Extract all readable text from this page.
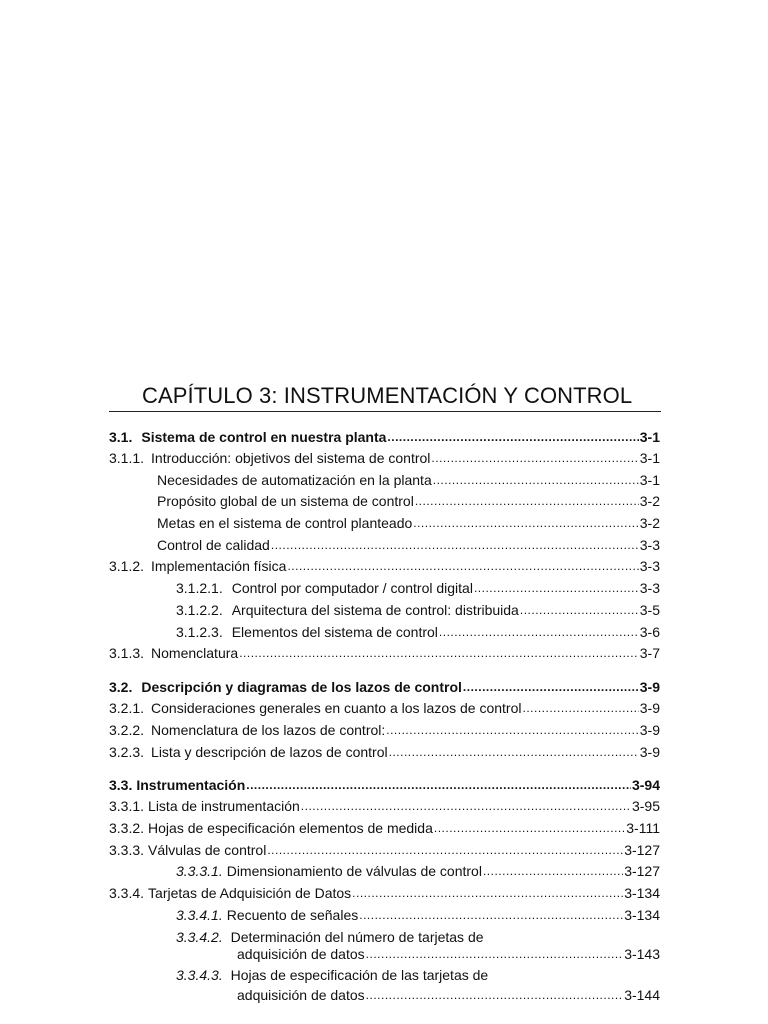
CAPÍTULO 3: INSTRUMENTACIÓN Y CONTROL
3.1. Sistema de control en nuestra planta .....	3-1
3.1.1. Introducción: objetivos del sistema de control .....	3-1
Necesidades de automatización en la planta .....	3-1
Propósito global de un sistema de control .....	3-2
Metas en el sistema de control planteado .....	3-2
Control de calidad .....	3-3
3.1.2. Implementación física .....	3-3
3.1.2.1. Control por computador / control digital .....	3-3
3.1.2.2. Arquitectura del sistema de control: distribuida .....	3-5
3.1.2.3. Elementos del sistema de control .....	3-6
3.1.3. Nomenclatura .....	3-7
3.2. Descripción y diagramas de los lazos de control .....	3-9
3.2.1. Consideraciones generales en cuanto a los lazos de control .....	3-9
3.2.2. Nomenclatura de los lazos de control: .....	3-9
3.2.3. Lista y descripción de lazos de control .....	3-9
3.3. Instrumentación .....	3-94
3.3.1. Lista de instrumentación .....	3-95
3.3.2. Hojas de especificación elementos de medida .....	3-111
3.3.3. Válvulas de control .....	3-127
3.3.3.1. Dimensionamiento de válvulas de control .....	3-127
3.3.4. Tarjetas de Adquisición de Datos .....	3-134
3.3.4.1. Recuento de señales .....	3-134
3.3.4.2. Determinación del número de tarjetas de
adquisición de datos .....	3-143
3.3.4.3. Hojas de especificación de las tarjetas de
adquisición de datos .....	3-144
